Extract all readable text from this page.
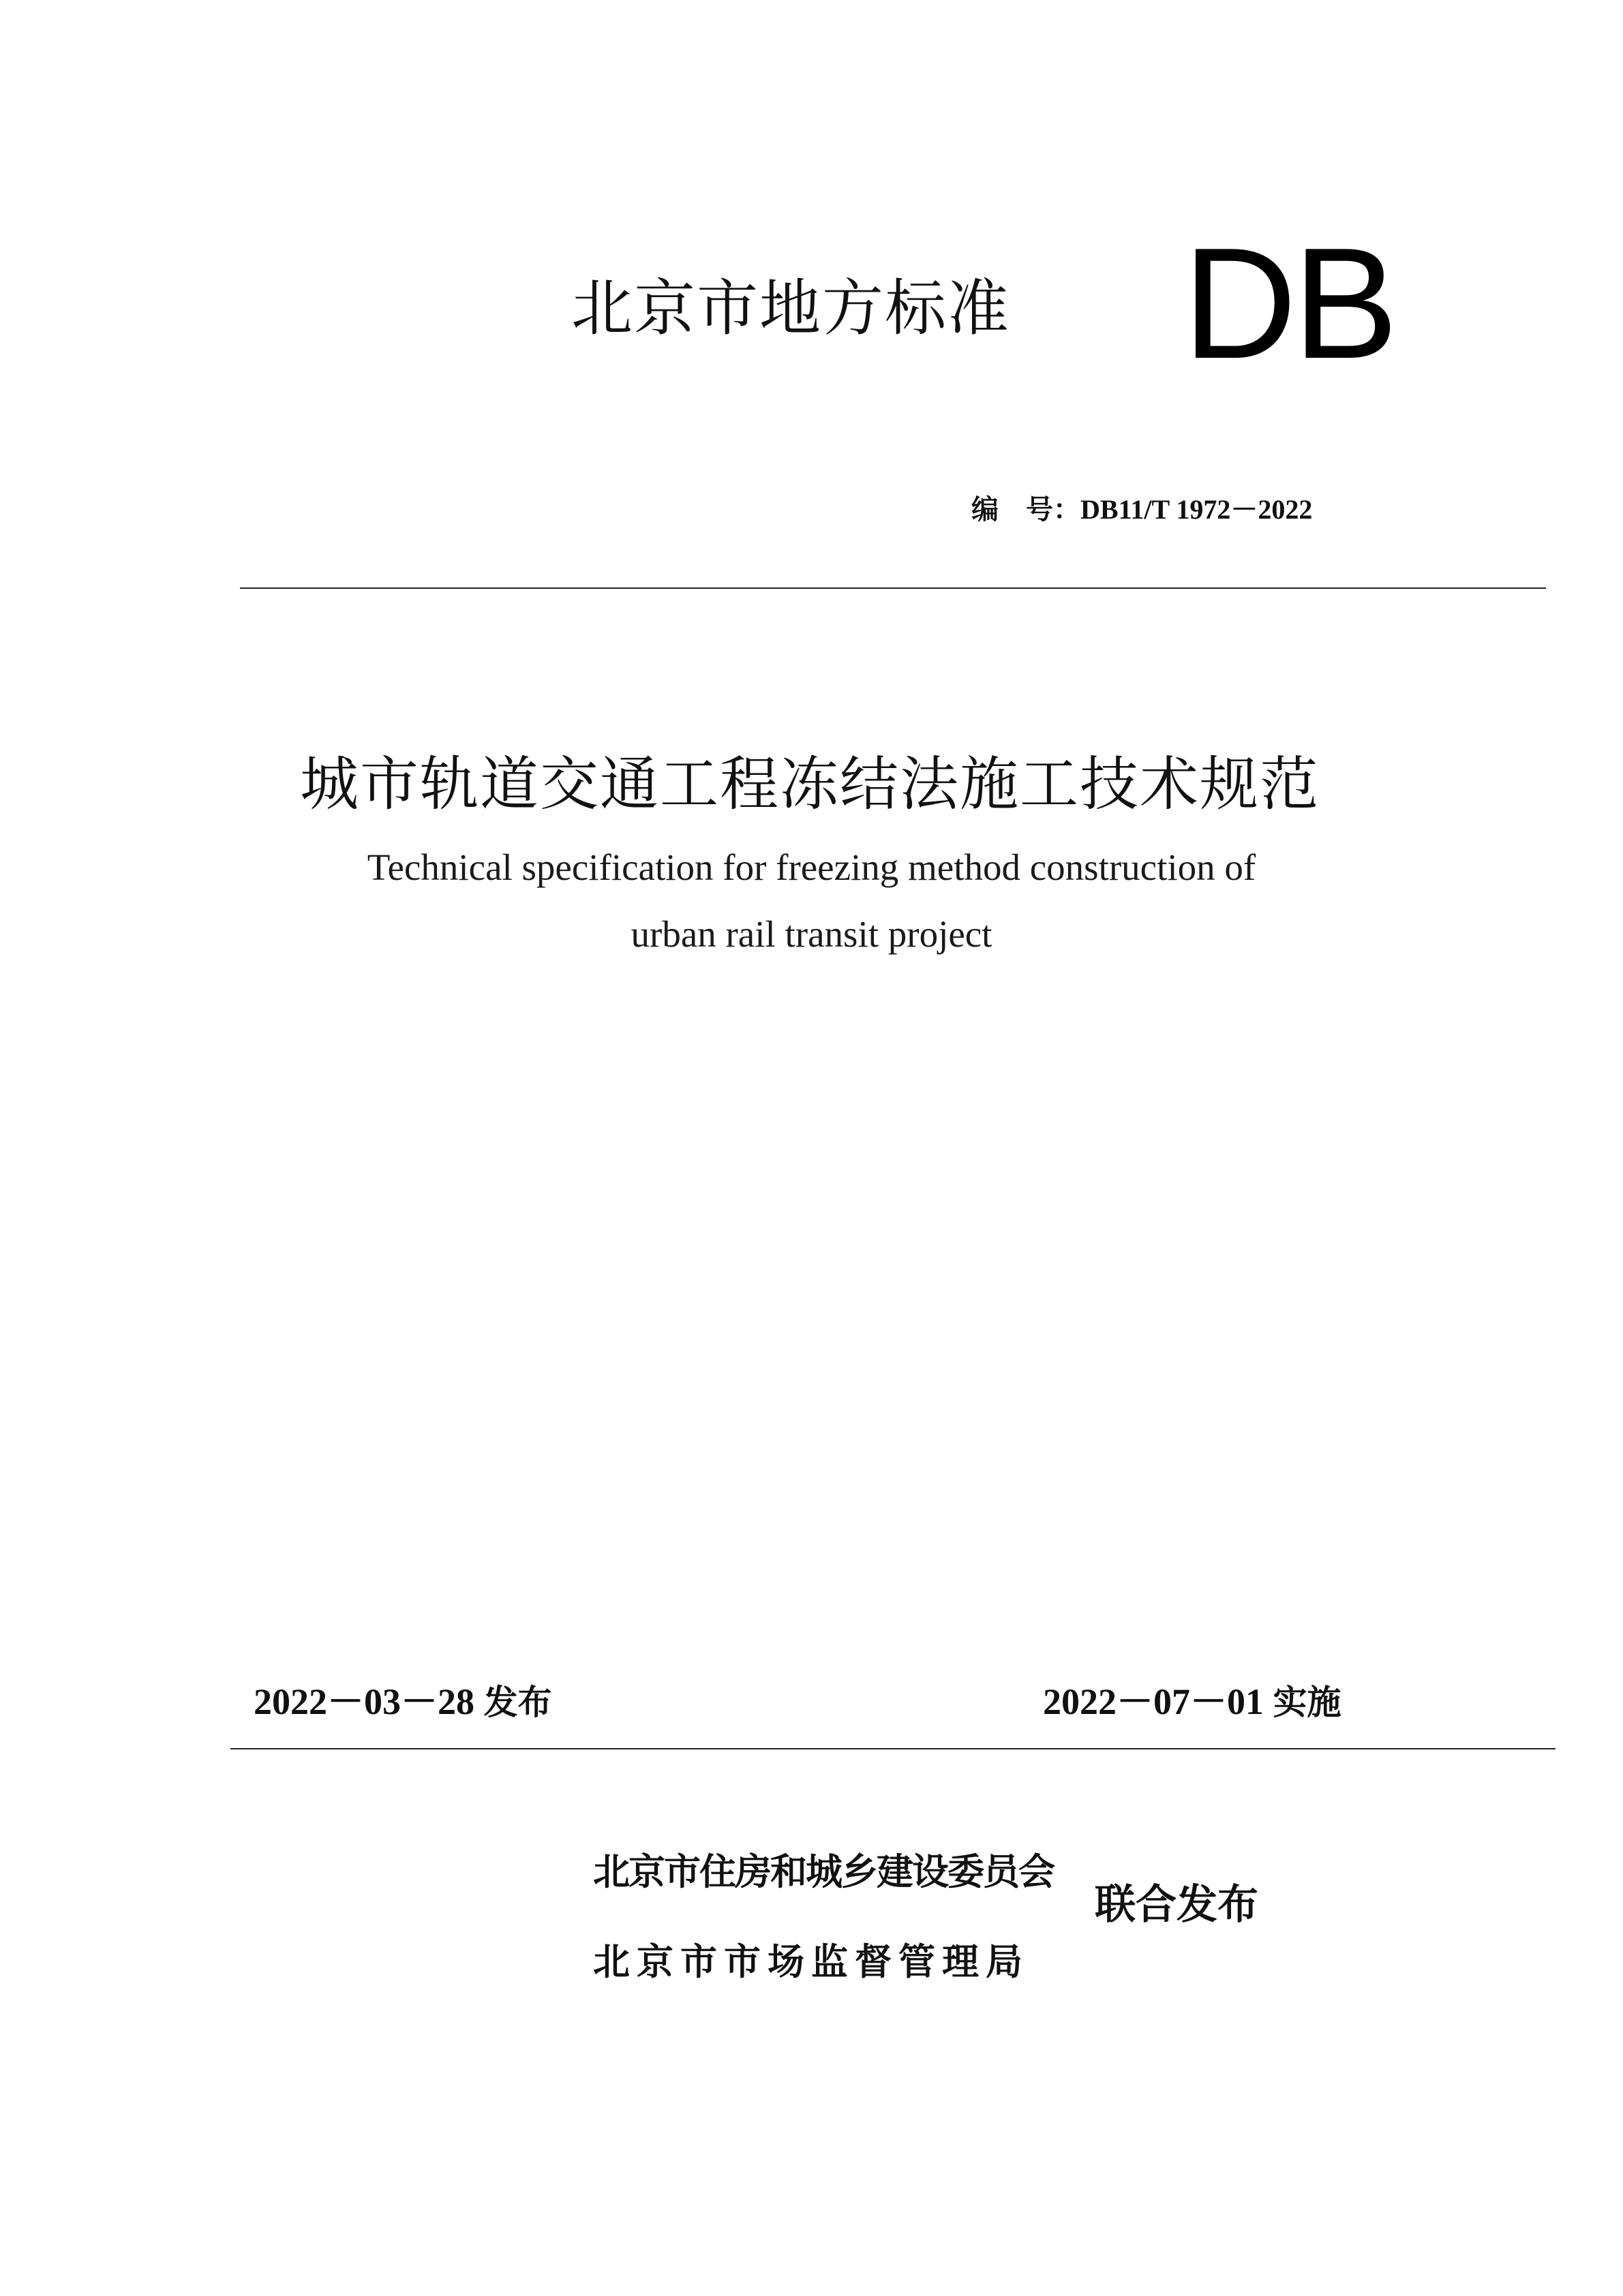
北京市地方标准 DB
编　号：DB11/T 1972－2022
城市轨道交通工程冻结法施工技术规范
Technical specification for freezing method construction of
urban rail transit project
2022－03－28 发布	2022－07－01 实施
北京市住房和城乡建设委员会
北京市市场监督管理局
联合发布
